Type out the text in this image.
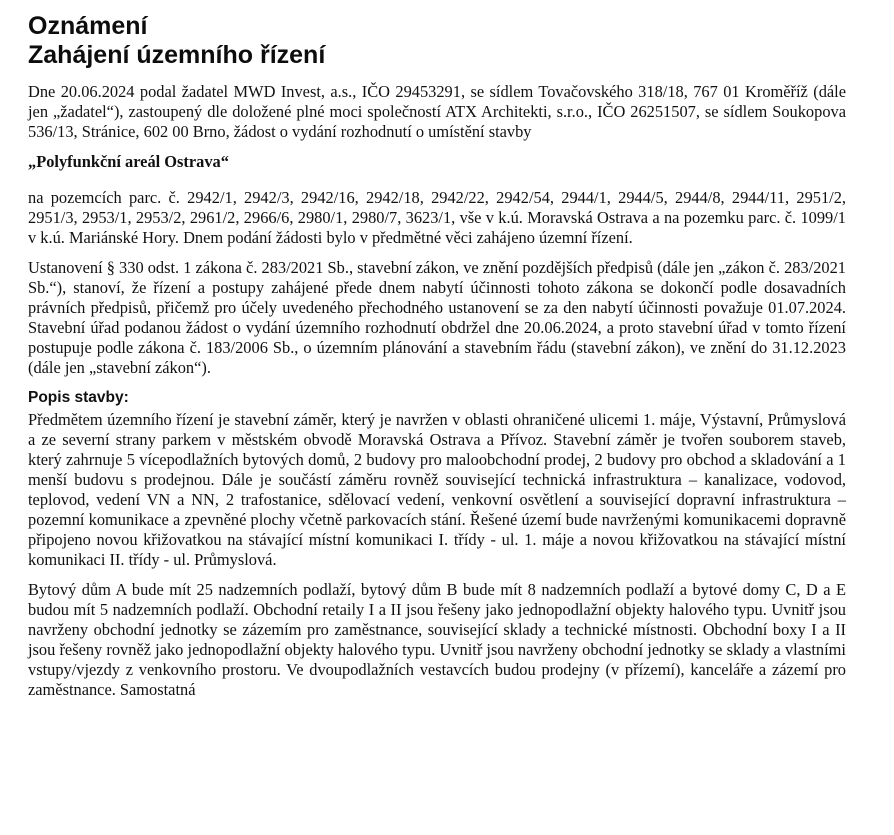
Oznámení
Zahájení územního řízení

Dne 20.06.2024 podal žadatel MWD Invest, a.s., IČO 29453291, se sídlem Tovačovského 318/18, 767 01 Kroměříž (dále jen „žadatel“), zastoupený dle doložené plné moci společností ATX Architekti, s.r.o., IČO 26251507, se sídlem Soukopova 536/13, Stránice, 602 00 Brno, žádost o vydání rozhodnutí o umístění stavby

„Polyfunkční areál Ostrava“

na pozemcích parc. č. 2942/1, 2942/3, 2942/16, 2942/18, 2942/22, 2942/54, 2944/1, 2944/5, 2944/8, 2944/11, 2951/2, 2951/3, 2953/1, 2953/2, 2961/2, 2966/6, 2980/1, 2980/7, 3623/1, vše v k.ú. Moravská Ostrava a na pozemku parc. č. 1099/1 v k.ú. Mariánské Hory. Dnem podání žádosti bylo v předmětné věci zahájeno územní řízení.

Ustanovení § 330 odst. 1 zákona č. 283/2021 Sb., stavební zákon, ve znění pozdějších předpisů (dále jen „zákon č. 283/2021 Sb.“), stanoví, že řízení a postupy zahájené přede dnem nabytí účinnosti tohoto zákona se dokončí podle dosavadních právních předpisů, přičemž pro účely uvedeného přechodného ustanovení se za den nabytí účinnosti považuje 01.07.2024. Stavební úřad podanou žádost o vydání územního rozhodnutí obdržel dne 20.06.2024, a proto stavební úřad v tomto řízení postupuje podle zákona č. 183/2006 Sb., o územním plánování a stavebním řádu (stavební zákon), ve znění do 31.12.2023 (dále jen „stavební zákon“).

Popis stavby:

Předmětem územního řízení je stavební záměr, který je navržen v oblasti ohraničené ulicemi 1. máje, Výstavní, Průmyslová a ze severní strany parkem v městském obvodě Moravská Ostrava a Přívoz. Stavební záměr je tvořen souborem staveb, který zahrnuje 5 vícepodlažních bytových domů, 2 budovy pro maloobchodní prodej, 2 budovy pro obchod a skladování a 1 menší budovu s prodejnou. Dále je součástí záměru rovněž související technická infrastruktura – kanalizace, vodovod, teplovod, vedení VN a NN, 2 trafostanice, sdělovací vedení, venkovní osvětlení a související dopravní infrastruktura – pozemní komunikace a zpevněné plochy včetně parkovacích stání. Řešené území bude navrženými komunikacemi dopravně připojeno novou křižovatkou na stávající místní komunikaci I. třídy - ul. 1. máje a novou křižovatkou na stávající místní komunikaci II. třídy - ul. Průmyslová.

Bytový dům A bude mít 25 nadzemních podlaží, bytový dům B bude mít 8 nadzemních podlaží a bytové domy C, D a E budou mít 5 nadzemních podlaží. Obchodní retaily I a II jsou řešeny jako jednopodlažní objekty halového typu. Uvnitř jsou navrženy obchodní jednotky se zázemím pro zaměstnance, související sklady a technické místnosti. Obchodní boxy I a II jsou řešeny rovněž jako jednopodlažní objekty halového typu. Uvnitř jsou navrženy obchodní jednotky se sklady a vlastními vstupy/vjezdy z venkovního prostoru. Ve dvoupodlažních vestavcích budou prodejny (v přízemí), kanceláře a zázemí pro zaměstnance. Samostatná
